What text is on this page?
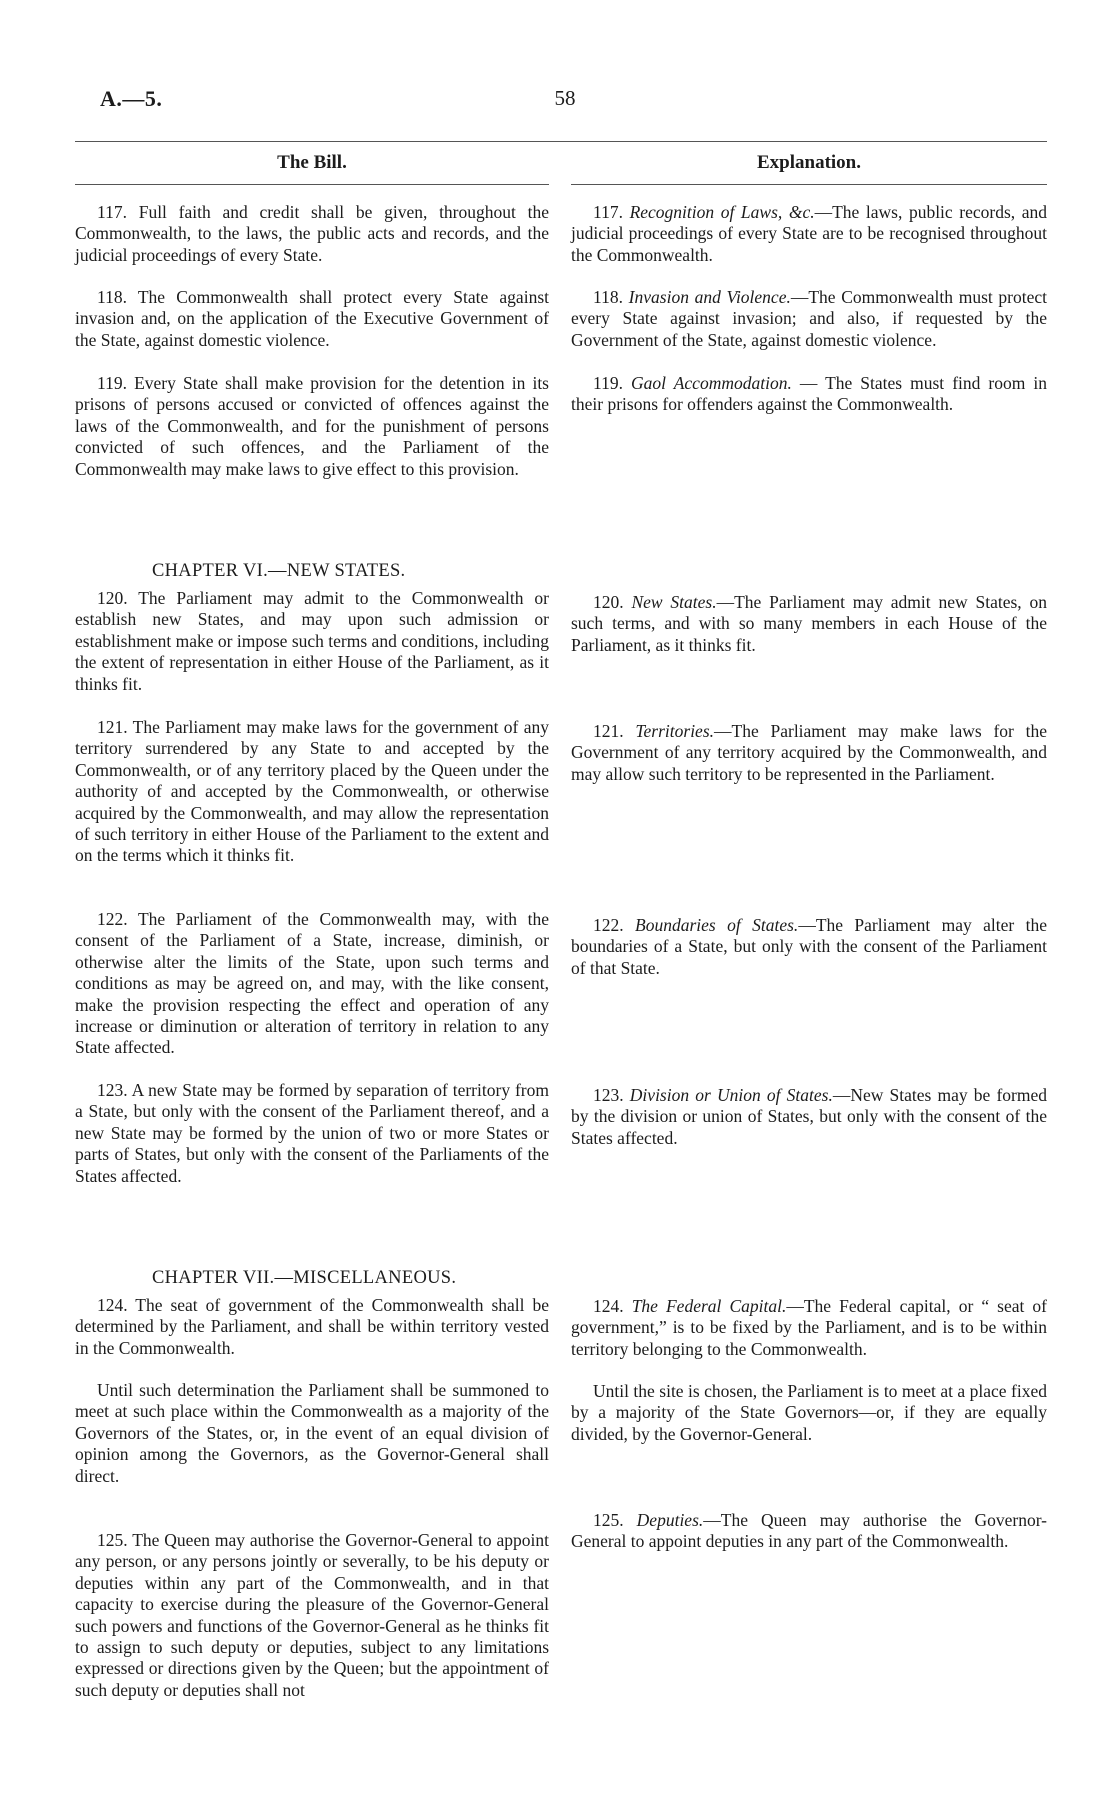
A.—5.	58
The Bill.	Explanation.

117. Full faith and credit shall be given, throughout the Commonwealth, to the laws, the public acts and records, and the judicial proceedings of every State.

118. The Commonwealth shall protect every State against invasion and, on the application of the Executive Government of the State, against domestic violence.

119. Every State shall make provision for the detention in its prisons of persons accused or convicted of offences against the laws of the Commonwealth, and for the punishment of persons convicted of such offences, and the Parliament of the Commonwealth may make laws to give effect to this provision.

CHAPTER VI.—NEW STATES.

120. The Parliament may admit to the Commonwealth or establish new States, and may upon such admission or establishment make or impose such terms and conditions, including the extent of representation in either House of the Parliament, as it thinks fit.

121. The Parliament may make laws for the government of any territory surrendered by any State to and accepted by the Commonwealth, or of any territory placed by the Queen under the authority of and accepted by the Commonwealth, or otherwise acquired by the Commonwealth, and may allow the representation of such territory in either House of the Parliament to the extent and on the terms which it thinks fit.

122. The Parliament of the Commonwealth may, with the consent of the Parliament of a State, increase, diminish, or otherwise alter the limits of the State, upon such terms and conditions as may be agreed on, and may, with the like consent, make the provision respecting the effect and operation of any increase or diminution or alteration of territory in relation to any State affected.

123. A new State may be formed by separation of territory from a State, but only with the consent of the Parliament thereof, and a new State may be formed by the union of two or more States or parts of States, but only with the consent of the Parliaments of the States affected.

CHAPTER VII.—MISCELLANEOUS.

124. The seat of government of the Commonwealth shall be determined by the Parliament, and shall be within territory vested in the Commonwealth.

Until such determination the Parliament shall be summoned to meet at such place within the Commonwealth as a majority of the Governors of the States, or, in the event of an equal division of opinion among the Governors, as the Governor-General shall direct.

125. The Queen may authorise the Governor-General to appoint any person, or any persons jointly or severally, to be his deputy or deputies within any part of the Commonwealth, and in that capacity to exercise during the pleasure of the Governor-General such powers and functions of the Governor-General as he thinks fit to assign to such deputy or deputies, subject to any limitations expressed or directions given by the Queen; but the appointment of such deputy or deputies shall not

117. Recognition of Laws, &c.—The laws, public records, and judicial proceedings of every State are to be recognised throughout the Commonwealth.

118. Invasion and Violence.—The Commonwealth must protect every State against invasion; and also, if requested by the Government of the State, against domestic violence.

119. Gaol Accommodation. — The States must find room in their prisons for offenders against the Commonwealth.

120. New States.—The Parliament may admit new States, on such terms, and with so many members in each House of the Parliament, as it thinks fit.

121. Territories.—The Parliament may make laws for the Government of any territory acquired by the Commonwealth, and may allow such territory to be represented in the Parliament.

122. Boundaries of States.—The Parliament may alter the boundaries of a State, but only with the consent of the Parliament of that State.

123. Division or Union of States.—New States may be formed by the division or union of States, but only with the consent of the States affected.

124. The Federal Capital.—The Federal capital, or “ seat of government,” is to be fixed by the Parliament, and is to be within territory belonging to the Commonwealth.

Until the site is chosen, the Parliament is to meet at a place fixed by a majority of the State Governors—or, if they are equally divided, by the Governor-General.

125. Deputies.—The Queen may authorise the Governor-General to appoint deputies in any part of the Commonwealth.
